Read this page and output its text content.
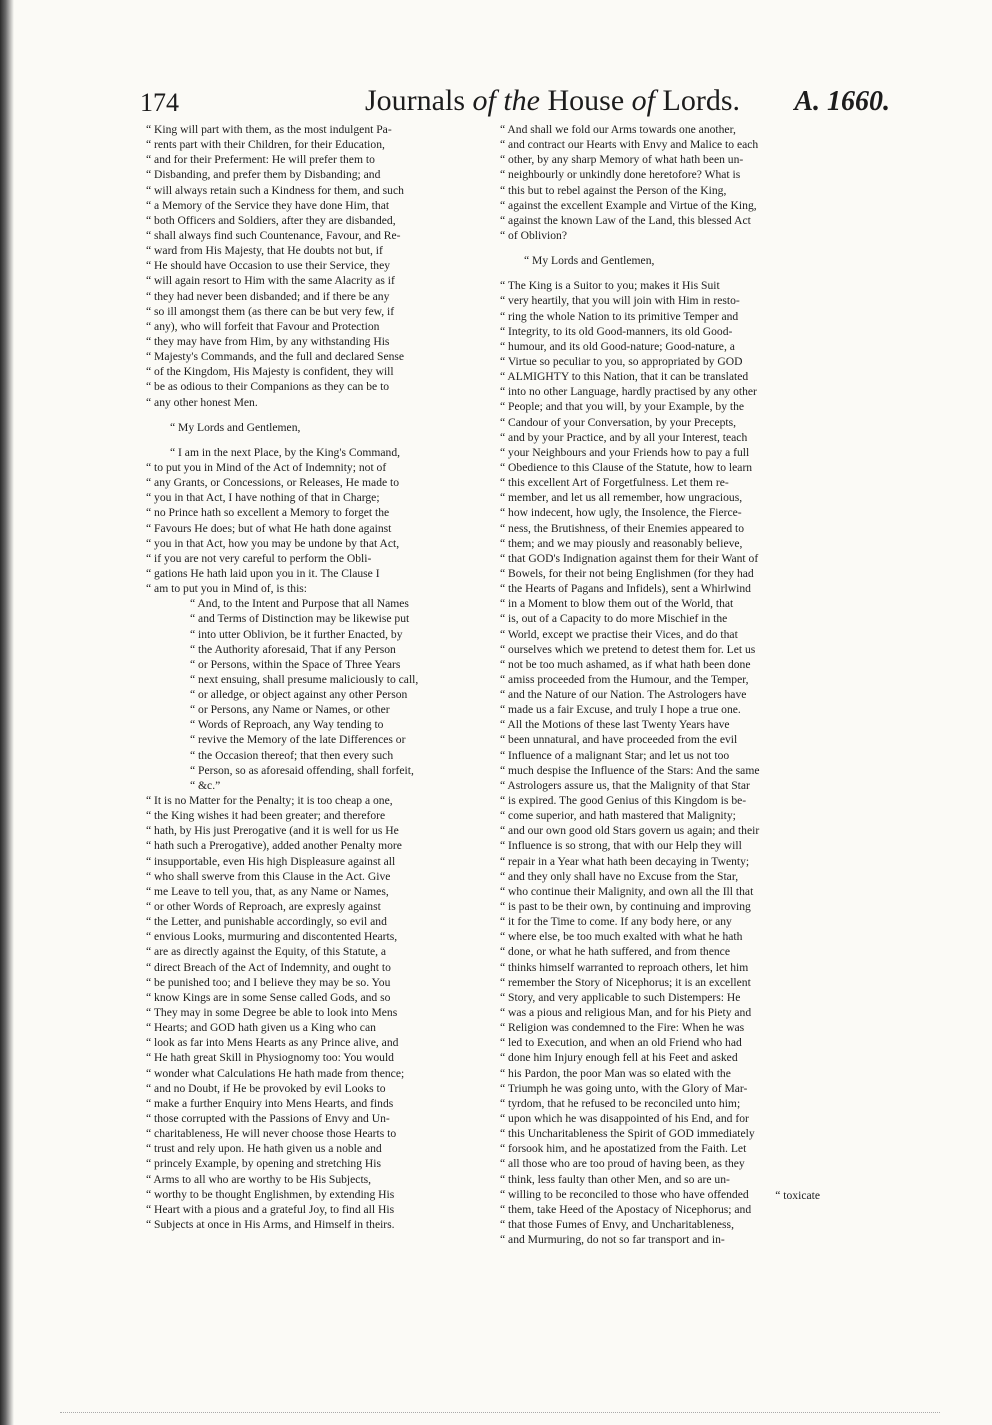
174	Journals of the House of Lords. A. 1660.
“ King will part with them, as the most indulgent Pa-
“ rents part with their Children, for their Education,
“ and for their Preferment: He will prefer them to
“ Disbanding, and prefer them by Disbanding; and
“ will always retain such a Kindness for them, and such
“ a Memory of the Service they have done Him, that
“ both Officers and Soldiers, after they are disbanded,
“ shall always find such Countenance, Favour, and Re-
“ ward from His Majesty, that He doubts not but, if
“ He should have Occasion to use their Service, they
“ will again resort to Him with the same Alacrity as if
“ they had never been disbanded; and if there be any
“ so ill amongst them (as there can be but very few, if
“ any), who will forfeit that Favour and Protection
“ they may have from Him, by any withstanding His
“ Majesty's Commands, and the full and declared Sense
“ of the Kingdom, His Majesty is confident, they will
“ be as odious to their Companions as they can be to
“ any other honest Men.
“ My Lords and Gentlemen,
“ I am in the next Place, by the King's Command,
“ to put you in Mind of the Act of Indemnity; not of
“ any Grants, or Concessions, or Releases, He made to
“ you in that Act, I have nothing of that in Charge;
“ no Prince hath so excellent a Memory to forget the
“ Favours He does; but of what He hath done against
“ you in that Act, how you may be undone by that Act,
“ if you are not very careful to perform the Obli-
“ gations He hath laid upon you in it. The Clause I
“ am to put you in Mind of, is this:
“ And, to the Intent and Purpose that all Names
“ and Terms of Distinction may be likewise put
“ into utter Oblivion, be it further Enacted, by
“ the Authority aforesaid, That if any Person
“ or Persons, within the Space of Three Years
“ next ensuing, shall presume maliciously to call,
“ or alledge, or object against any other Person
“ or Persons, any Name or Names, or other
“ Words of Reproach, any Way tending to
“ revive the Memory of the late Differences or
“ the Occasion thereof; that then every such
“ Person, so as aforesaid offending, shall forfeit,
“ &c.”
“ It is no Matter for the Penalty; it is too cheap a one,
“ the King wishes it had been greater; and therefore
“ hath, by His just Prerogative (and it is well for us He
“ hath such a Prerogative), added another Penalty more
“ insupportable, even His high Displeasure against all
“ who shall swerve from this Clause in the Act. Give
“ me Leave to tell you, that, as any Name or Names,
“ or other Words of Reproach, are expresly against
“ the Letter, and punishable accordingly, so evil and
“ envious Looks, murmuring and discontented Hearts,
“ are as directly against the Equity, of this Statute, a
“ direct Breach of the Act of Indemnity, and ought to
“ be punished too; and I believe they may be so. You
“ know Kings are in some Sense called Gods, and so
“ They may in some Degree be able to look into Mens
“ Hearts; and GOD hath given us a King who can
“ look as far into Mens Hearts as any Prince alive, and
“ He hath great Skill in Physiognomy too: You would
“ wonder what Calculations He hath made from thence;
“ and no Doubt, if He be provoked by evil Looks to
“ make a further Enquiry into Mens Hearts, and finds
“ those corrupted with the Passions of Envy and Un-
“ charitableness, He will never choose those Hearts to
“ trust and rely upon. He hath given us a noble and
“ princely Example, by opening and stretching His
“ Arms to all who are worthy to be His Subjects,
“ worthy to be thought Englishmen, by extending His
“ Heart with a pious and a grateful Joy, to find all His
“ Subjects at once in His Arms, and Himself in theirs.
“ And shall we fold our Arms towards one another,
“ and contract our Hearts with Envy and Malice to each
“ other, by any sharp Memory of what hath been un-
“ neighbourly or unkindly done heretofore? What is
“ this but to rebel against the Person of the King,
“ against the excellent Example and Virtue of the King,
“ against the known Law of the Land, this blessed Act
“ of Oblivion?
“ My Lords and Gentlemen,
“ The King is a Suitor to you; makes it His Suit
“ very heartily, that you will join with Him in resto-
“ ring the whole Nation to its primitive Temper and
“ Integrity, to its old Good-manners, its old Good-
“ humour, and its old Good-nature; Good-nature, a
“ Virtue so peculiar to you, so appropriated by GOD
“ ALMIGHTY to this Nation, that it can be translated
“ into no other Language, hardly practised by any other
“ People; and that you will, by your Example, by the
“ Candour of your Conversation, by your Precepts,
“ and by your Practice, and by all your Interest, teach
“ your Neighbours and your Friends how to pay a full
“ Obedience to this Clause of the Statute, how to learn
“ this excellent Art of Forgetfulness. Let them re-
“ member, and let us all remember, how ungracious,
“ how indecent, how ugly, the Insolence, the Fierce-
“ ness, the Brutishness, of their Enemies appeared to
“ them; and we may piously and reasonably believe,
“ that GOD's Indignation against them for their Want of
“ Bowels, for their not being Englishmen (for they had
“ the Hearts of Pagans and Infidels), sent a Whirlwind
“ in a Moment to blow them out of the World, that
“ is, out of a Capacity to do more Mischief in the
“ World, except we practise their Vices, and do that
“ ourselves which we pretend to detest them for. Let us
“ not be too much ashamed, as if what hath been done
“ amiss proceeded from the Humour, and the Temper,
“ and the Nature of our Nation. The Astrologers have
“ made us a fair Excuse, and truly I hope a true one.
“ All the Motions of these last Twenty Years have
“ been unnatural, and have proceeded from the evil
“ Influence of a malignant Star; and let us not too
“ much despise the Influence of the Stars: And the same
“ Astrologers assure us, that the Malignity of that Star
“ is expired. The good Genius of this Kingdom is be-
“ come superior, and hath mastered that Malignity;
“ and our own good old Stars govern us again; and their
“ Influence is so strong, that with our Help they will
“ repair in a Year what hath been decaying in Twenty;
“ and they only shall have no Excuse from the Star,
“ who continue their Malignity, and own all the Ill that
“ is past to be their own, by continuing and improving
“ it for the Time to come. If any body here, or any
“ where else, be too much exalted with what he hath
“ done, or what he hath suffered, and from thence
“ thinks himself warranted to reproach others, let him
“ remember the Story of Nicephorus; it is an excellent
“ Story, and very applicable to such Distempers: He
“ was a pious and religious Man, and for his Piety and
“ Religion was condemned to the Fire: When he was
“ led to Execution, and when an old Friend who had
“ done him Injury enough fell at his Feet and asked
“ his Pardon, the poor Man was so elated with the
“ Triumph he was going unto, with the Glory of Mar-
“ tyrdom, that he refused to be reconciled unto him;
“ upon which he was disappointed of his End, and for
“ this Uncharitableness the Spirit of GOD immediately
“ forsook him, and he apostatized from the Faith. Let
“ all those who are too proud of having been, as they
“ think, less faulty than other Men, and so are un-
“ willing to be reconciled to those who have offended
“ them, take Heed of the Apostacy of Nicephorus; and
“ that those Fumes of Envy, and Uncharitableness,
“ and Murmuring, do not so far transport and in-
“ toxicate
